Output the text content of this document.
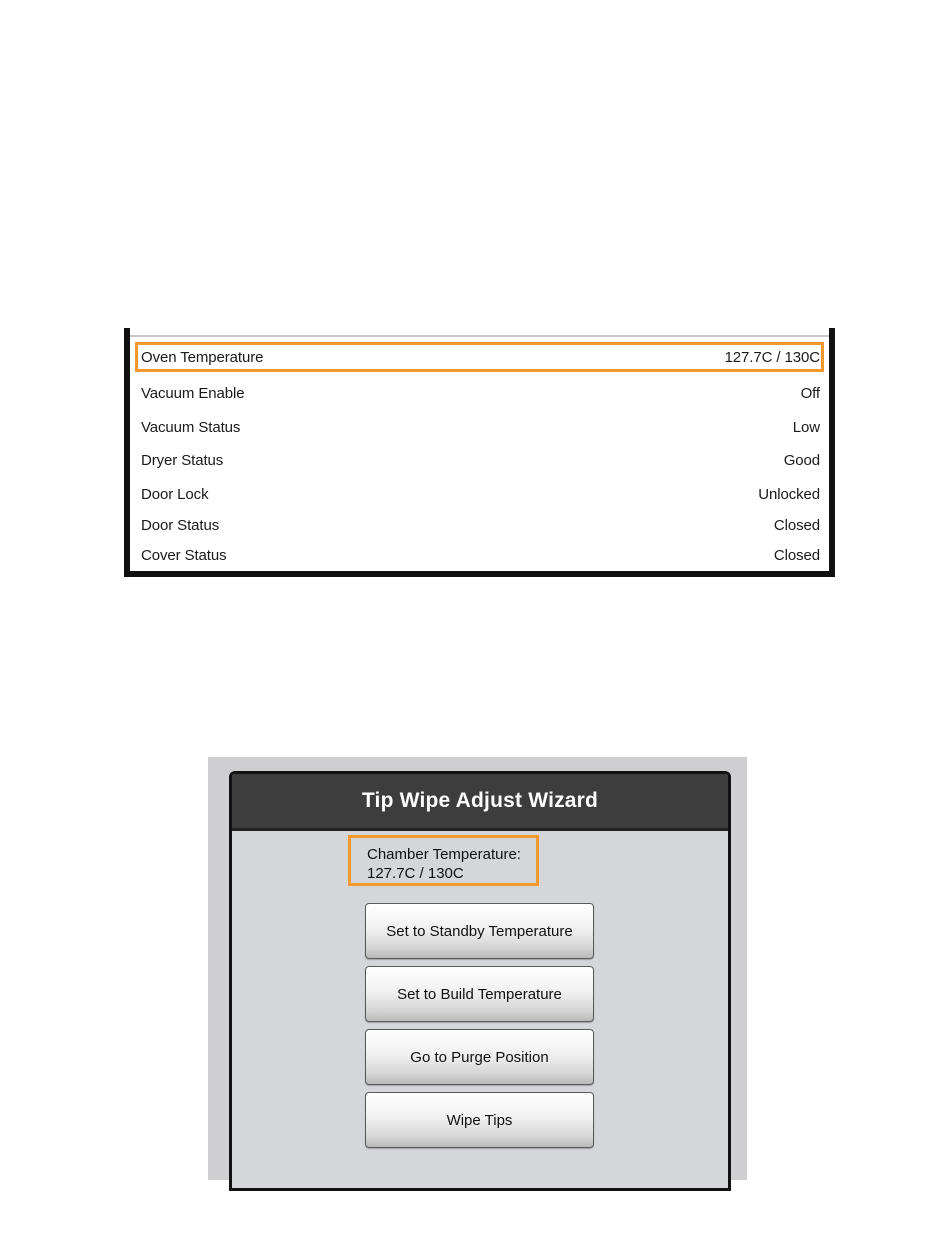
Oven Temperature	127.7C / 130C
Vacuum Enable	Off
Vacuum Status	Low
Dryer Status	Good
Door Lock	Unlocked
Door Status	Closed
Cover Status	Closed
Tip Wipe Adjust Wizard
Chamber Temperature:
127.7C / 130C
Set to Standby Temperature
Set to Build Temperature
Go to Purge Position
Wipe Tips
